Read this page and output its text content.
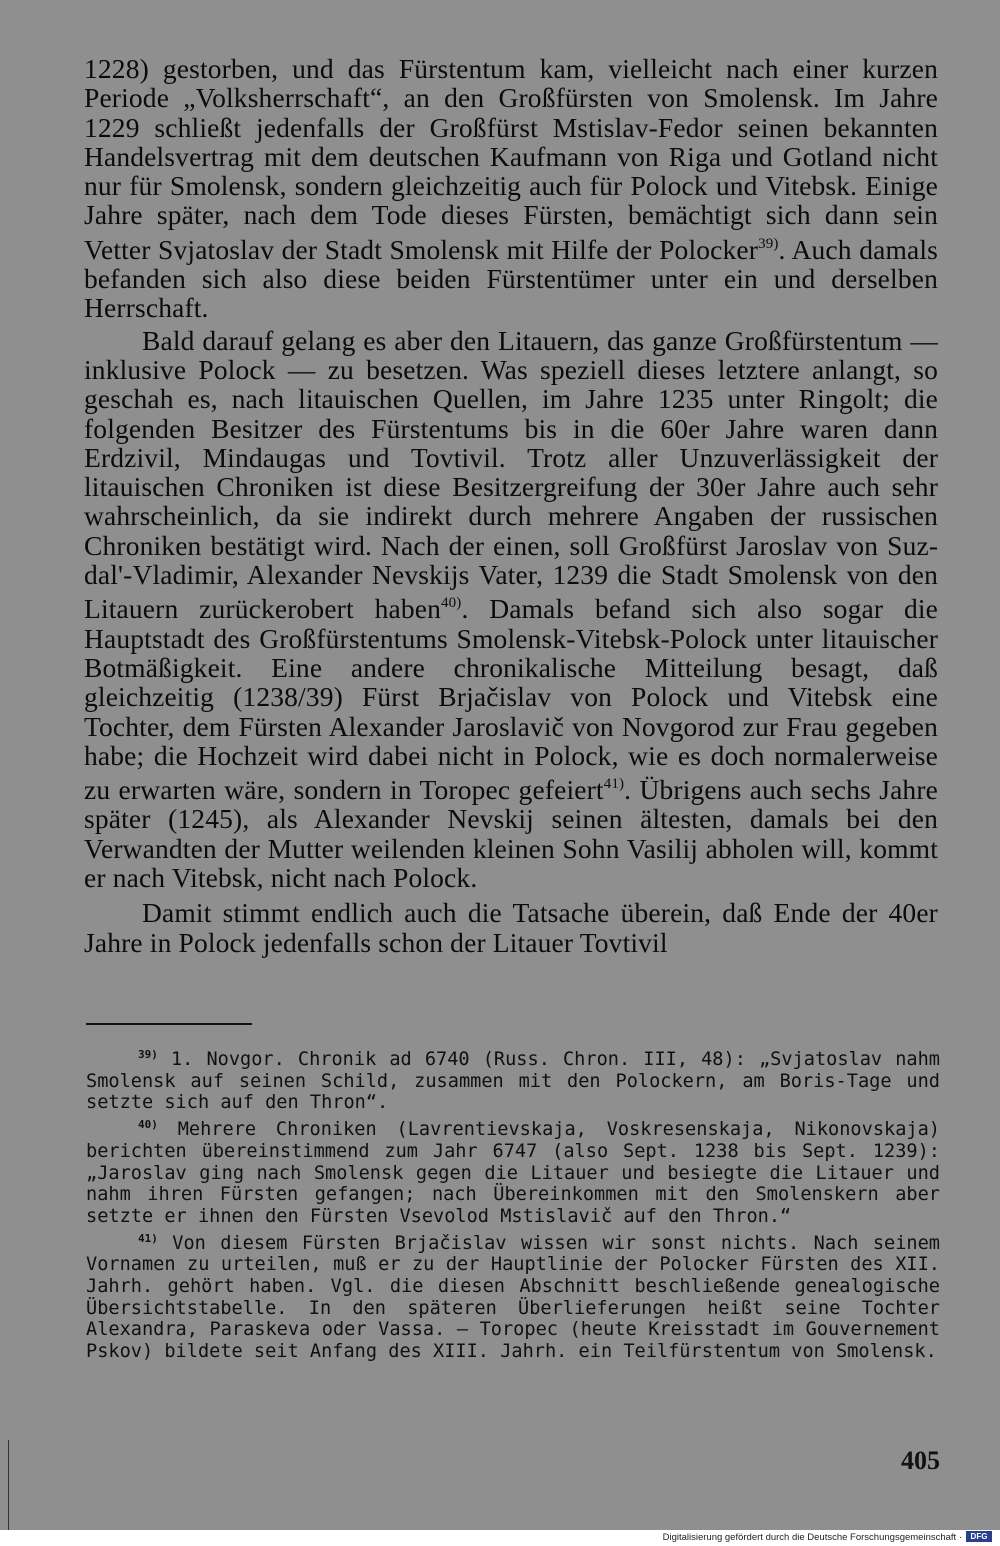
1228) gestorben, und das Fürstentum kam, vielleicht nach einer kurzen Periode „Volksherrschaft“, an den Großfürsten von Smolensk. Im Jahre 1229 schließt jedenfalls der Großfürst Mstislav-Fedor seinen bekannten Handelsvertrag mit dem deutschen Kaufmann von Riga und Gotland nicht nur für Smolensk, sondern gleichzeitig auch für Polock und Vitebsk. Einige Jahre später, nach dem Tode dieses Fürsten, bemächtigt sich dann sein Vetter Svjatoslav der Stadt Smolensk mit Hilfe der Polocker$^{39)}$. Auch damals befanden sich also diese beiden Fürstentümer unter ein und derselben Herrschaft.

Bald darauf gelang es aber den Litauern, das ganze Großfürstentum — inklusive Polock — zu besetzen. Was speziell dieses letztere anlangt, so geschah es, nach litauischen Quellen, im Jahre 1235 unter Ringolt; die folgenden Besitzer des Fürstentums bis in die 60er Jahre waren dann Erdzivil, Mindaugas und Tovtivil. Trotz aller Unzuverlässigkeit der litauischen Chroniken ist diese Besitzergreifung der 30er Jahre auch sehr wahrscheinlich, da sie indirekt durch mehrere Angaben der russischen Chroniken bestätigt wird. Nach der einen, soll Großfürst Jaroslav von Suzdal'-Vladimir, Alexander Nevskijs Vater, 1239 die Stadt Smolensk von den Litauern zurückerobert haben$^{40)}$. Damals befand sich also sogar die Hauptstadt des Großfürstentums Smolensk-Vitebsk-Polock unter litauischer Botmäßigkeit. Eine andere chronikalische Mitteilung besagt, daß gleichzeitig (1238/39) Fürst Brjačislav von Polock und Vitebsk eine Tochter, dem Fürsten Alexander Jaroslavič von Novgorod zur Frau gegeben habe; die Hochzeit wird dabei nicht in Polock, wie es doch normalerweise zu erwarten wäre, sondern in Toropec gefeiert$^{41)}$. Übrigens auch sechs Jahre später (1245), als Alexander Nevskij seinen ältesten, damals bei den Verwandten der Mutter weilenden kleinen Sohn Vasilij abholen will, kommt er nach Vitebsk, nicht nach Polock.

Damit stimmt endlich auch die Tatsache überein, daß Ende der 40er Jahre in Polock jedenfalls schon der Litauer Tovtivil

$^{39)}$ 1. Novgor. Chronik ad 6740 (Russ. Chron. III, 48): „Svjatoslav nahm Smolensk auf seinen Schild, zusammen mit den Polockern, am Boris-Tage und setzte sich auf den Thron“.

$^{40)}$ Mehrere Chroniken (Lavrentievskaja, Voskresenskaja, Nikonovskaja) berichten übereinstimmend zum Jahr 6747 (also Sept. 1238 bis Sept. 1239): „Jaroslav ging nach Smolensk gegen die Litauer und besiegte die Litauer und nahm ihren Fürsten gefangen; nach Übereinkommen mit den Smolenskern aber setzte er ihnen den Fürsten Vsevolod Mstislavič auf den Thron.“

$^{41)}$ Von diesem Fürsten Brjačislav wissen wir sonst nichts. Nach seinem Vornamen zu urteilen, muß er zu der Hauptlinie der Polocker Fürsten des XII. Jahrh. gehört haben. Vgl. die diesen Abschnitt beschließende genealogische Übersichtstabelle. In den späteren Überlieferungen heißt seine Tochter Alexandra, Paraskeva oder Vassa. — Toropec (heute Kreisstadt im Gouvernement Pskov) bildete seit Anfang des XIII. Jahrh. ein Teilfürstentum von Smolensk.

405
Digitalisierung gefördert durch die Deutsche Forschungsgemeinschaft ·	DFG
